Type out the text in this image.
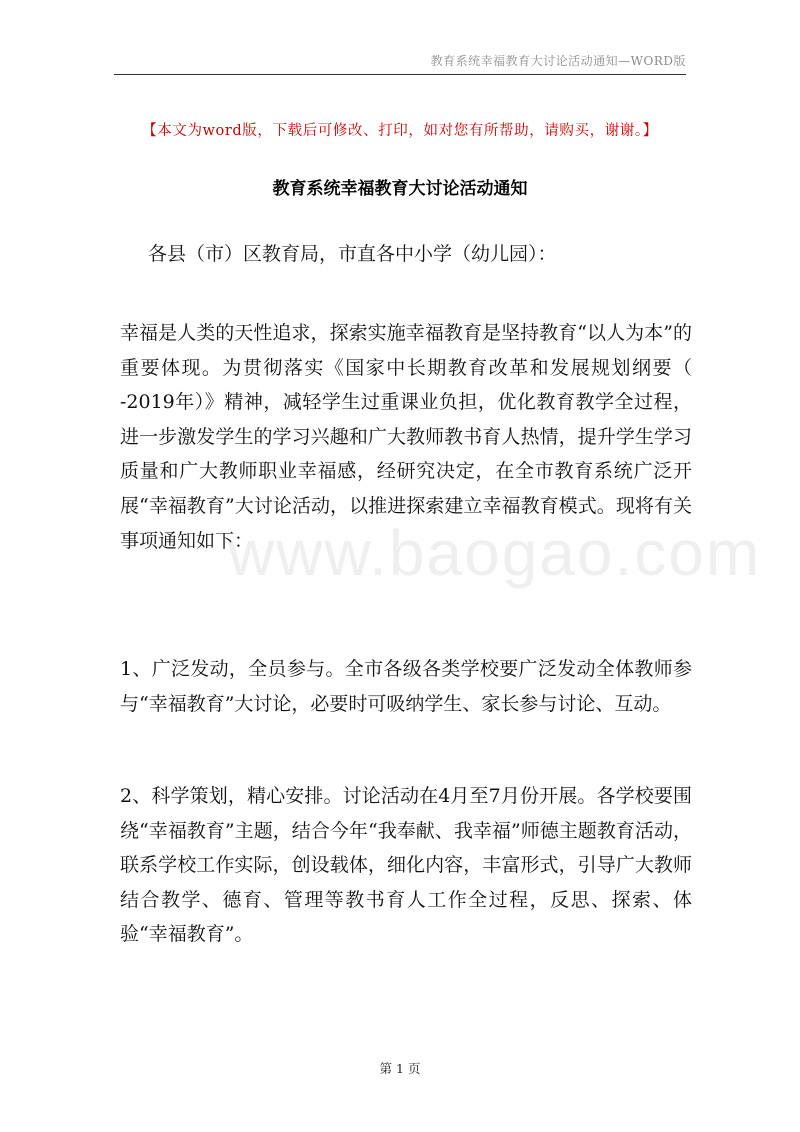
教育系统幸福教育大讨论活动通知—WORD版
【本文为word版，下载后可修改、打印，如对您有所帮助，请购买，谢谢。】
教育系统幸福教育大讨论活动通知
各县（市）区教育局，市直各中小学（幼儿园）：
幸福是人类的天性追求，探索实施幸福教育是坚持教育“以人为本”的重要体现。为贯彻落实《国家中长期教育改革和发展规划纲要（ -2019年）》精神，减轻学生过重课业负担，优化教育教学全过程，进一步激发学生的学习兴趣和广大教师教书育人热情，提升学生学习质量和广大教师职业幸福感，经研究决定，在全市教育系统广泛开展“幸福教育”大讨论活动，以推进探索建立幸福教育模式。现将有关事项通知如下：
www.baogao.com
1、广泛发动，全员参与。全市各级各类学校要广泛发动全体教师参与“幸福教育”大讨论，必要时可吸纳学生、家长参与讨论、互动。
2、科学策划，精心安排。讨论活动在4月至7月份开展。各学校要围绕“幸福教育”主题，结合今年“我奉献、我幸福”师德主题教育活动，联系学校工作实际，创设载体，细化内容，丰富形式，引导广大教师结合教学、德育、管理等教书育人工作全过程，反思、探索、体验“幸福教育”。
第 1 页
